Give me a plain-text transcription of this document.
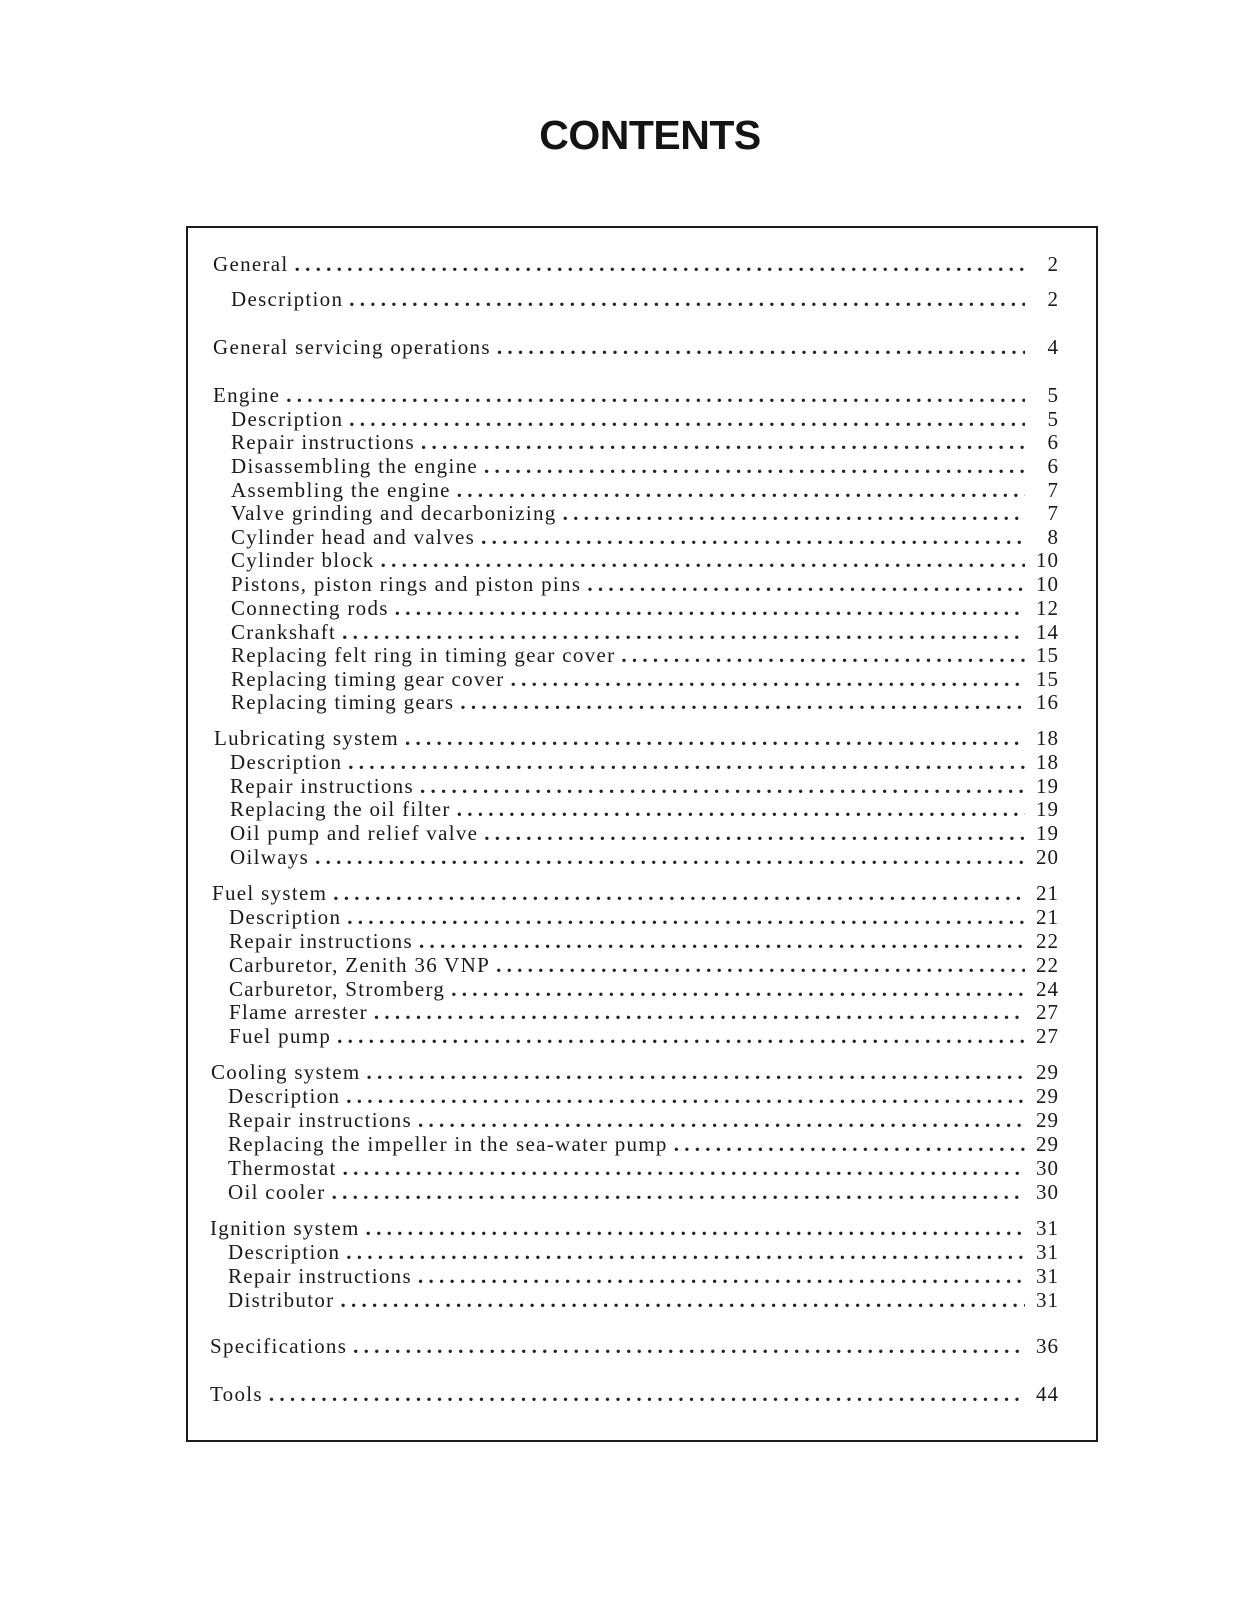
CONTENTS
General . . .	2
Description . . .	2
General servicing operations . . .	4
Engine . . .	5
Description . . .	5
Repair instructions . . .	6
Disassembling the engine . . .	6
Assembling the engine . . .	7
Valve grinding and decarbonizing . . .	7
Cylinder head and valves . . .	8
Cylinder block . . .	10
Pistons, piston rings and piston pins . . .	10
Connecting rods . . .	12
Crankshaft . . .	14
Replacing felt ring in timing gear cover . . .	15
Replacing timing gear cover . . .	15
Replacing timing gears . . .	16
Lubricating system . . .	18
Description . . .	18
Repair instructions . . .	19
Replacing the oil filter . . .	19
Oil pump and relief valve . . .	19
Oilways . . .	20
Fuel system . . .	21
Description . . .	21
Repair instructions . . .	22
Carburetor, Zenith 36 VNP . . .	22
Carburetor, Stromberg . . .	24
Flame arrester . . .	27
Fuel pump . . .	27
Cooling system . . .	29
Description . . .	29
Repair instructions . . .	29
Replacing the impeller in the sea-water pump . . .	29
Thermostat . . .	30
Oil cooler . . .	30
Ignition system . . .	31
Description . . .	31
Repair instructions . . .	31
Distributor . . .	31
Specifications . . .	36
Tools . . .	44
